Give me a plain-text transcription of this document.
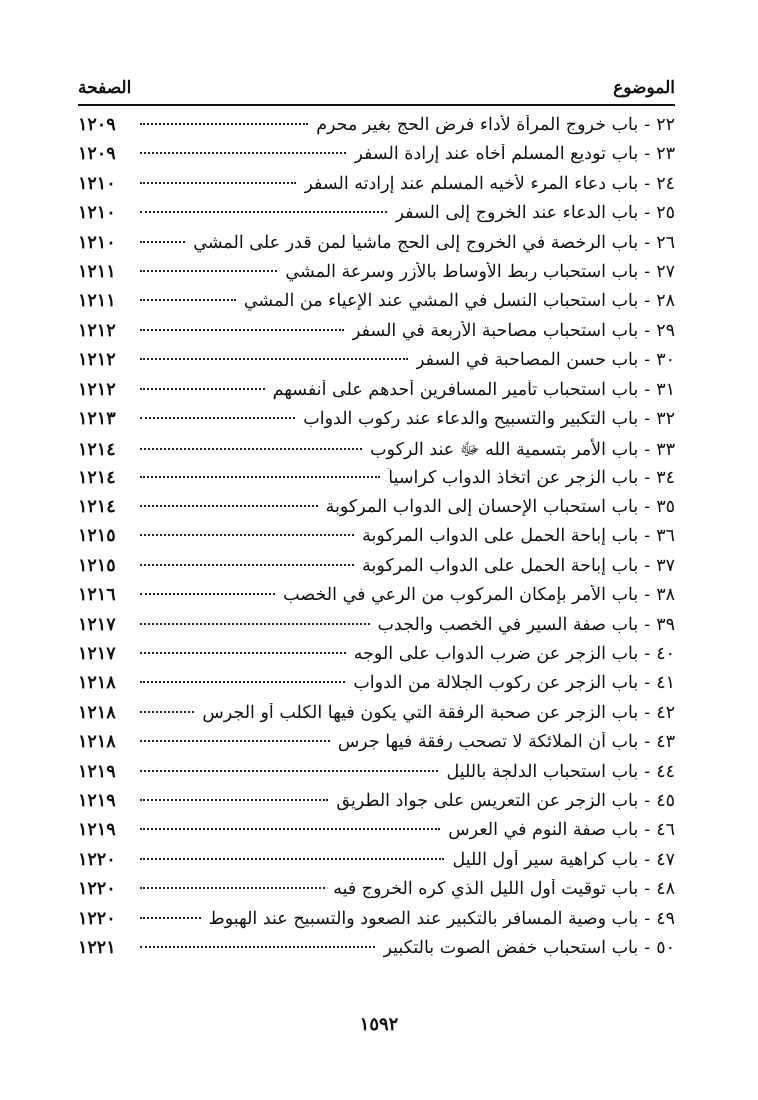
الموضوع
الصفحة
٢٢
-
باب خروج المرأة لأداء فرض الحج بغير محرم
١٢٠٩
٢٣
-
باب توديع المسلم أخاه عند إرادة السفر
١٢٠٩
٢٤
-
باب دعاء المرء لأخيه المسلم عند إرادته السفر
١٢١٠
٢٥
-
باب الدعاء عند الخروج إلى السفر
١٢١٠
٢٦
-
باب الرخصة في الخروج إلى الحج ماشياً لمن قدر على المشي
١٢١٠
٢٧
-
باب استحباب ربط الأوساط بالأزر وسرعة المشي
١٢١١
٢٨
-
باب استحباب النسل في المشي عند الإعياء من المشي
١٢١١
٢٩
-
باب استحباب مصاحبة الأربعة في السفر
١٢١٢
٣٠
-
باب حسن المصاحبة في السفر
١٢١٢
٣١
-
باب استحباب تأمير المسافرين أحدهم على أنفسهم
١٢١٢
٣٢
-
باب التكبير والتسبيح والدعاء عند ركوب الدواب
١٢١٣
٣٣
-
باب الأمر بتسمية الله ﷻ عند الركوب
١٢١٤
٣٤
-
باب الزجر عن اتخاذ الدواب كراسياً
١٢١٤
٣٥
-
باب استحباب الإحسان إلى الدواب المركوبة
١٢١٤
٣٦
-
باب إباحة الحمل على الدواب المركوبة
١٢١٥
٣٧
-
باب إباحة الحمل على الدواب المركوبة
١٢١٥
٣٨
-
باب الأمر بإمكان المركوب من الرعي في الخصب
١٢١٦
٣٩
-
باب صفة السير في الخصب والجدب
١٢١٧
٤٠
-
باب الزجر عن ضرب الدواب على الوجه
١٢١٧
٤١
-
باب الزجر عن ركوب الجلالة من الدواب
١٢١٨
٤٢
-
باب الزجر عن صحبة الرفقة التي يكون فيها الكلب أو الجرس
١٢١٨
٤٣
-
باب أن الملائكة لا تصحب رفقة فيها جرس
١٢١٨
٤٤
-
باب استحباب الدلجة بالليل
١٢١٩
٤٥
-
باب الزجر عن التعريس على جواد الطريق
١٢١٩
٤٦
-
باب صفة النوم في العرس
١٢١٩
٤٧
-
باب كراهية سير أول الليل
١٢٢٠
٤٨
-
باب توقيت أول الليل الذي كره الخروج فيه
١٢٢٠
٤٩
-
باب وصية المسافر بالتكبير عند الصعود والتسبيح عند الهبوط
١٢٢٠
٥٠
-
باب استحباب خفض الصوت بالتكبير
١٢٢١
١٥٩٢
